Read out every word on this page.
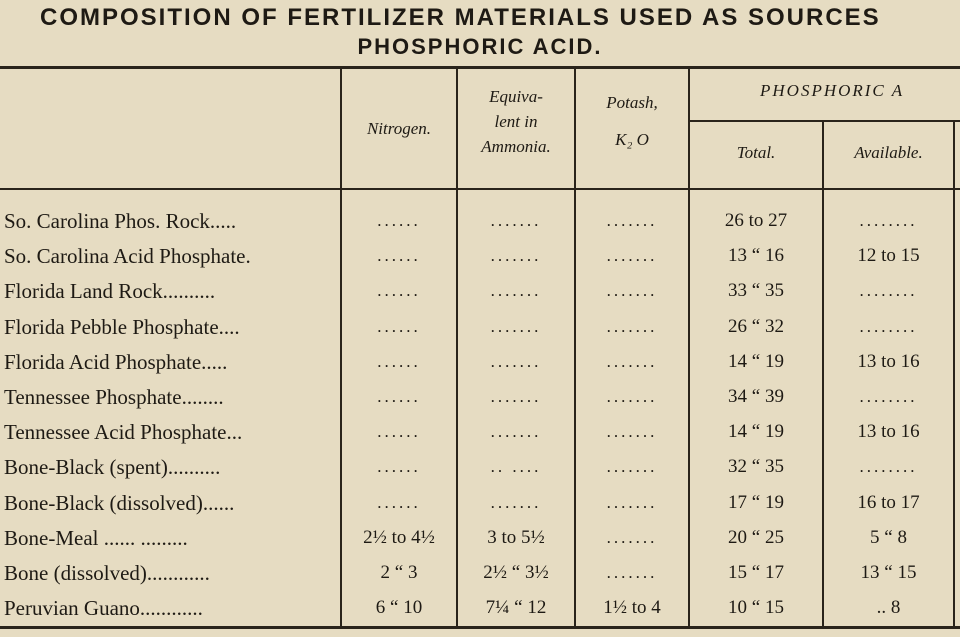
COMPOSITION OF FERTILIZER MATERIALS USED AS SOURCES
PHOSPHORIC ACID.
Nitrogen.
Equiva-
lent in
Ammonia.
Potash,
K₂ O
PHOSPHORIC A
Total.	Available.
So. Carolina Phos. Rock.....	......	.......	.......	26 to 27	........
So. Carolina Acid Phosphate.	......	.......	.......	13 “ 16	12 to 15
Florida Land Rock..........	......	.......	.......	33 “ 35	........
Florida Pebble Phosphate....	......	.......	.......	26 “ 32	........
Florida Acid Phosphate.....	......	.......	.......	14 “ 19	13 to 16
Tennessee Phosphate........	......	.......	.......	34 “ 39	........
Tennessee Acid Phosphate...	......	.......	.......	14 “ 19	13 to 16
Bone-Black (spent)..........	......	.. ....	.......	32 “ 35	........
Bone-Black (dissolved)......	......	.......	.......	17 “ 19	16 to 17
Bone-Meal ...... .........	2½ to 4½	3 to 5½	.......	20 “ 25	5 “ 8
Bone (dissolved)............	2 “ 3	2½ “ 3½	.......	15 “ 17	13 “ 15
Peruvian Guano............	6 “ 10	7¼ “ 12	1½ to 4	10 “ 15	.. 8
